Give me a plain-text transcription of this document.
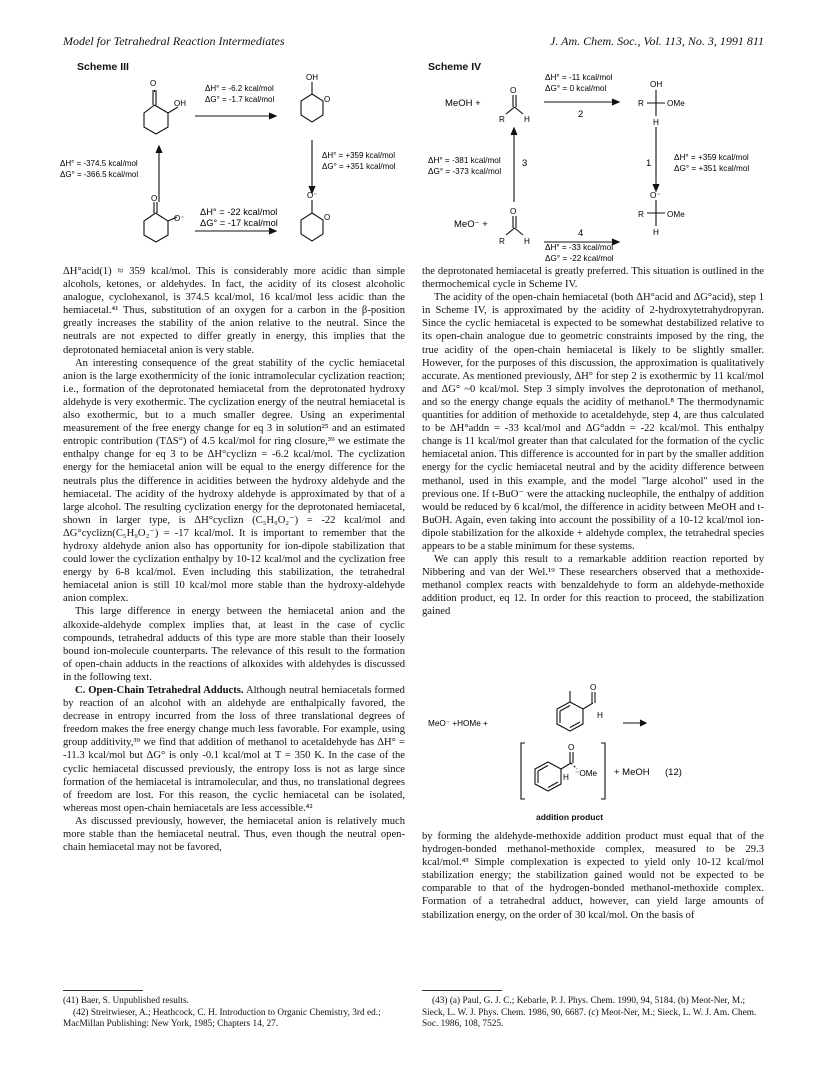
Model for Tetrahedral Reaction Intermediates	J. Am. Chem. Soc., Vol. 113, No. 3, 1991 811
Scheme III
O
OH
OH
O
ΔH° = -6.2 kcal/mol
ΔG° = -1.7 kcal/mol
ΔH° = -374.5 kcal/mol
ΔG° = -366.5 kcal/mol
ΔH° = +359 kcal/mol
ΔG° = +351 kcal/mol
O
O⁻
O⁻
O
ΔH° = -22 kcal/mol
ΔG° = -17 kcal/mol
Scheme IV
ΔH° = -11 kcal/mol
ΔG° = 0 kcal/mol
O
R H
OH
R	OMe
H
ΔH° = -381 kcal/mol
ΔG° = -373 kcal/mol
ΔH° = +359 kcal/mol
ΔG° = +351 kcal/mol
O
R H
O⁻
R	OMe
H
ΔH° = -33 kcal/mol
ΔG° = -22 kcal/mol
MeOH +
MeO⁻ +
2
3	1
4

ΔH°acid(1) ≈ 359 kcal/mol. This is considerably more acidic than simple alcohols, ketones, or aldehydes. In fact, the acidity of its closest alcoholic analogue, cyclohexanol, is 374.5 kcal/mol, 16 kcal/mol less acidic than the hemiacetal.⁴¹ Thus, substitution of an oxygen for a carbon in the β-position greatly increases the stability of the anion relative to the neutral. Since the neutrals are not expected to differ greatly in energy, this implies that the deprotonated hemiacetal anion is very stable.

An interesting consequence of the great stability of the cyclic hemiacetal anion is the large exothermicity of the ionic intramolecular cyclization reaction; i.e., formation of the deprotonated hemiacetal from the deprotonated hydroxy aldehyde is very exothermic. The cyclization energy of the neutral hemiacetal is also exothermic, but to a much smaller degree. Using an experimental measurement of the free energy change for eq 3 in solution²⁵ and an estimated entropic contribution (TΔS°) of 4.5 kcal/mol for ring closure,³⁹ we estimate the enthalpy change for eq 3 to be ΔH°cyclizn = -6.2 kcal/mol. The cyclization energy for the hemiacetal anion will be equal to the energy difference for the neutrals plus the difference in acidities between the hydroxy aldehyde and the hemiacetal. The acidity of the hydroxy aldehyde is approximated by that of a large alcohol. The resulting cyclization energy for the deprotonated hemiacetal, shown in larger type, is ΔH°cyclizn (C₅H₉O₂⁻) = -22 kcal/mol and ΔG°cyclizn(C₅H₉O₂⁻) = -17 kcal/mol. It is important to remember that the hydroxy aldehyde anion also has opportunity for ion-dipole stabilization that could lower the cyclization enthalpy by 10-12 kcal/mol and the cyclization free energy by 6-8 kcal/mol. Even including this stabilization, the tetrahedral hemiacetal anion is still 10 kcal/mol more stable than the hydroxy-aldehyde anion complex.

This large difference in energy between the hemiacetal anion and the alkoxide-aldehyde complex implies that, at least in the case of cyclic compounds, tetrahedral adducts of this type are more stable than their loosely bound ion-molecule counterparts. The relevance of this result to the formation of open-chain adducts in the reactions of alkoxides with aldehydes is discussed in the following text.

C. Open-Chain Tetrahedral Adducts. Although neutral hemiacetals formed by reaction of an alcohol with an aldehyde are enthalpically favored, the decrease in entropy incurred from the loss of three translational degrees of freedom makes the free energy change much less favorable. For example, using group additivity,³⁹ we find that addition of methanol to acetaldehyde has ΔH° = -11.3 kcal/mol but ΔG° is only -0.1 kcal/mol at T = 350 K. In the case of the cyclic hemiacetal discussed previously, the entropy loss is not as large since formation of the hemiacetal is intramolecular, and thus, no translational degrees of freedom are lost. For this reason, the cyclic hemiacetal can be isolated, whereas most open-chain hemiacetals are less accessible.⁴²

As discussed previously, however, the hemiacetal anion is relatively much more stable than the hemiacetal neutral. Thus, even though the neutral open-chain hemiacetal may not be favored,

the deprotonated hemiacetal is greatly preferred. This situation is outlined in the thermochemical cycle in Scheme IV.

The acidity of the open-chain hemiacetal (both ΔH°acid and ΔG°acid), step 1 in Scheme IV, is approximated by the acidity of 2-hydroxytetrahydropyran. Since the cyclic hemiacetal is expected to be somewhat destabilized relative to its open-chain analogue due to geometric constraints imposed by the ring, the true acidity of the open-chain hemiacetal is likely to be slightly smaller. However, for the purposes of this discussion, the approximation is qualitatively accurate. As mentioned previously, ΔH° for step 2 is exothermic by 11 kcal/mol and ΔG° ~0 kcal/mol. Step 3 simply involves the deprotonation of methanol, and so the energy change equals the acidity of methanol.⁸ The thermodynamic quantities for addition of methoxide to acetaldehyde, step 4, are thus calculated to be ΔH°addn = -33 kcal/mol and ΔG°addn = -22 kcal/mol. This enthalpy change is 11 kcal/mol greater than that calculated for the formation of the cyclic hemiacetal anion. This difference is accounted for in part by the smaller addition energy for the cyclic hemiacetal neutral and by the acidity difference between methanol, used in this example, and the model "large alcohol" used in the previous one. If t-BuO⁻ were the attacking nucleophile, the enthalpy of addition would be reduced by 6 kcal/mol, the difference in acidity between MeOH and t-BuOH. Again, even taking into account the possibility of a 10-12 kcal/mol ion-dipole stabilization for the alkoxide + aldehyde complex, the tetrahedral species appears to be a stable minimum for these systems.

We can apply this result to a remarkable addition reaction reported by Nibbering and van der Wel.¹⁹ These researchers observed that a methoxide-methanol complex reacts with benzaldehyde to form an aldehyde-methoxide addition product, eq 12. In order for this reaction to proceed, the stabilization gained

MeO⁻ +HOMe +
H
O
O
H ⁻OMe + MeOH (12)
addition product

by forming the aldehyde-methoxide addition product must equal that of the hydrogen-bonded methanol-methoxide complex, measured to be 29.3 kcal/mol.⁴³ Simple complexation is expected to yield only 10-12 kcal/mol stabilization energy; the stabilization gained would not be expected to be comparable to that of the hydrogen-bonded methanol-methoxide complex. Formation of a tetrahedral adduct, however, can yield large amounts of stabilization energy, on the order of 30 kcal/mol. On the basis of

(41) Baer, S. Unpublished results.
(42) Streitwieser, A.; Heathcock, C. H. Introduction to Organic Chemistry, 3rd ed.; MacMillan Publishing: New York, 1985; Chapters 14, 27.
(43) (a) Paul, G. J. C.; Kebarle, P. J. Phys. Chem. 1990, 94, 5184. (b) Meot-Ner, M.; Sieck, L. W. J. Phys. Chem. 1986, 90, 6687. (c) Meot-Ner, M.; Sieck, L. W. J. Am. Chem. Soc. 1986, 108, 7525.
